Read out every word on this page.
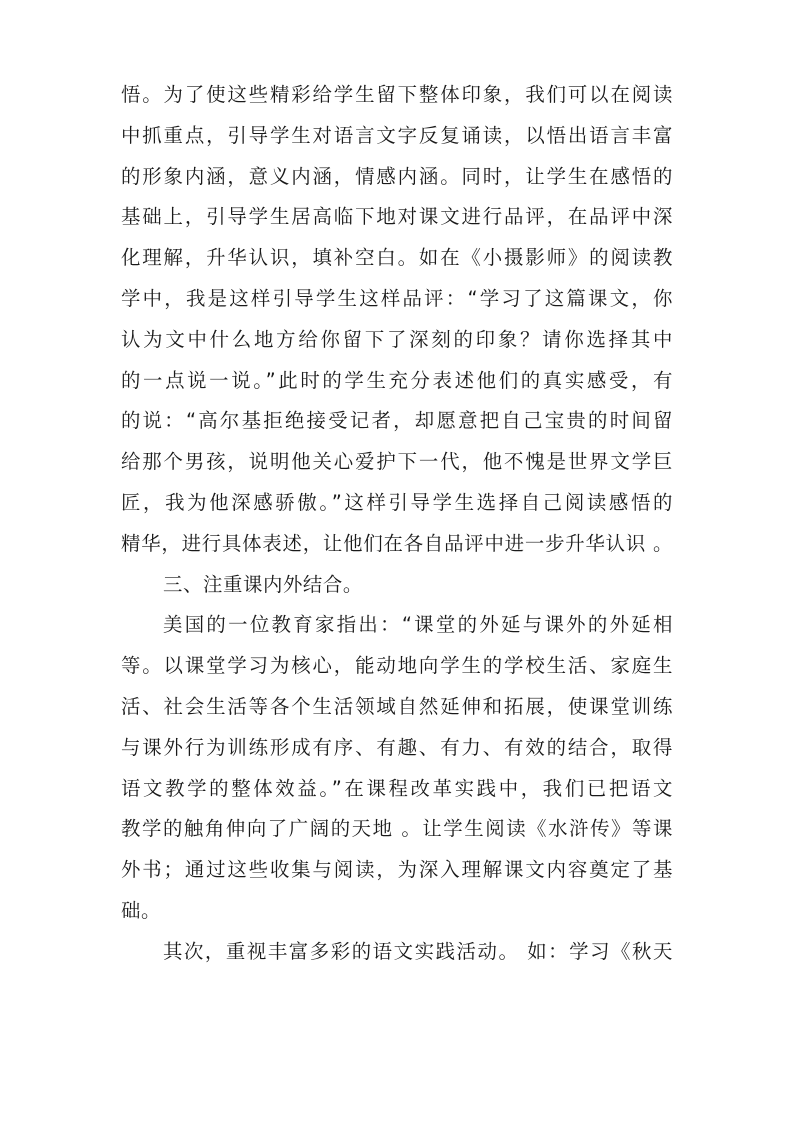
悟。为了使这些精彩给学生留下整体印象，我们可以在阅读
中抓重点，引导学生对语言文字反复诵读，以悟出语言丰富
的形象内涵，意义内涵，情感内涵。同时，让学生在感悟的
基础上，引导学生居高临下地对课文进行品评，在品评中深
化理解，升华认识，填补空白。如在《小摄影师》的阅读教
学中，我是这样引导学生这样品评：“学习了这篇课文，你
认为文中什么地方给你留下了深刻的印象？请你选择其中
的一点说一说。”此时的学生充分表述他们的真实感受，有
的说：“高尔基拒绝接受记者，却愿意把自己宝贵的时间留
给那个男孩，说明他关心爱护下一代，他不愧是世界文学巨
匠，我为他深感骄傲。”这样引导学生选择自己阅读感悟的
精华，进行具体表述，让他们在各自品评中进一步升华认识 。
三、注重课内外结合。
美国的一位教育家指出：“课堂的外延与课外的外延相
等。以课堂学习为核心，能动地向学生的学校生活、家庭生
活、社会生活等各个生活领域自然延伸和拓展，使课堂训练
与课外行为训练形成有序、有趣、有力、有效的结合，取得
语文教学的整体效益。”在课程改革实践中，我们已把语文
教学的触角伸向了广阔的天地 。让学生阅读《水浒传》等课
外书；通过这些收集与阅读，为深入理解课文内容奠定了基
础。
其次，重视丰富多彩的语文实践活动。 如：学习《秋天
